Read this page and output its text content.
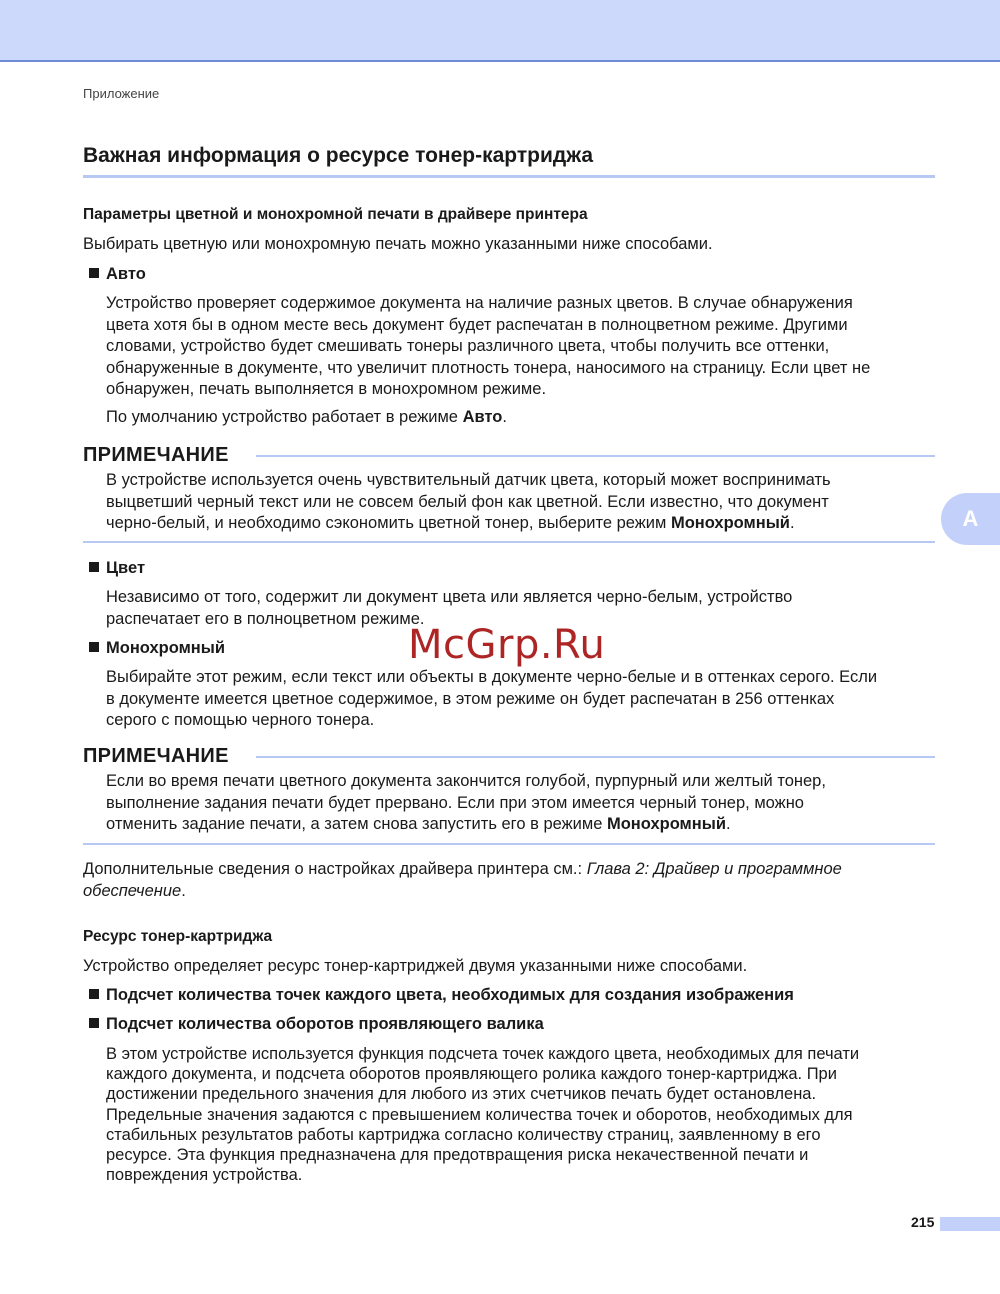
Приложение
Важная информация о ресурсе тонер-картриджа
Параметры цветной и монохромной печати в драйвере принтера
Выбирать цветную или монохромную печать можно указанными ниже способами.
Авто
Устройство проверяет содержимое документа на наличие разных цветов. В случае обнаружения
цвета хотя бы в одном месте весь документ будет распечатан в полноцветном режиме. Другими
словами, устройство будет смешивать тонеры различного цвета, чтобы получить все оттенки,
обнаруженные в документе, что увеличит плотность тонера, наносимого на страницу. Если цвет не
обнаружен, печать выполняется в монохромном режиме.
По умолчанию устройство работает в режиме Авто.
ПРИМЕЧАНИЕ
В устройстве используется очень чувствительный датчик цвета, который может воспринимать
выцветший черный текст или не совсем белый фон как цветной. Если известно, что документ
черно-белый, и необходимо сэкономить цветной тонер, выберите режим Монохромный.	A
Цвет
Независимо от того, содержит ли документ цвета или является черно-белым, устройство
распечатает его в полноцветном режиме.
Монохромный
Выбирайте этот режим, если текст или объекты в документе черно-белые и в оттенках серого. Если
в документе имеется цветное содержимое, в этом режиме он будет распечатан в 256 оттенках
серого с помощью черного тонера.
ПРИМЕЧАНИЕ
Если во время печати цветного документа закончится голубой, пурпурный или желтый тонер,
выполнение задания печати будет прервано. Если при этом имеется черный тонер, можно
отменить задание печати, а затем снова запустить его в режиме Монохромный.
Дополнительные сведения о настройках драйвера принтера см.: Глава 2: Драйвер и программное
обеспечение.
Ресурс тонер-картриджа
Устройство определяет ресурс тонер-картриджей двумя указанными ниже способами.
Подсчет количества точек каждого цвета, необходимых для создания изображения
Подсчет количества оборотов проявляющего валика
В этом устройстве используется функция подсчета точек каждого цвета, необходимых для печати
каждого документа, и подсчета оборотов проявляющего ролика каждого тонер-картриджа. При
достижении предельного значения для любого из этих счетчиков печать будет остановлена.
Предельные значения задаются с превышением количества точек и оборотов, необходимых для
стабильных результатов работы картриджа согласно количеству страниц, заявленному в его
ресурсе. Эта функция предназначена для предотвращения риска некачественной печати и
повреждения устройства.
McGrp.Ru
215
